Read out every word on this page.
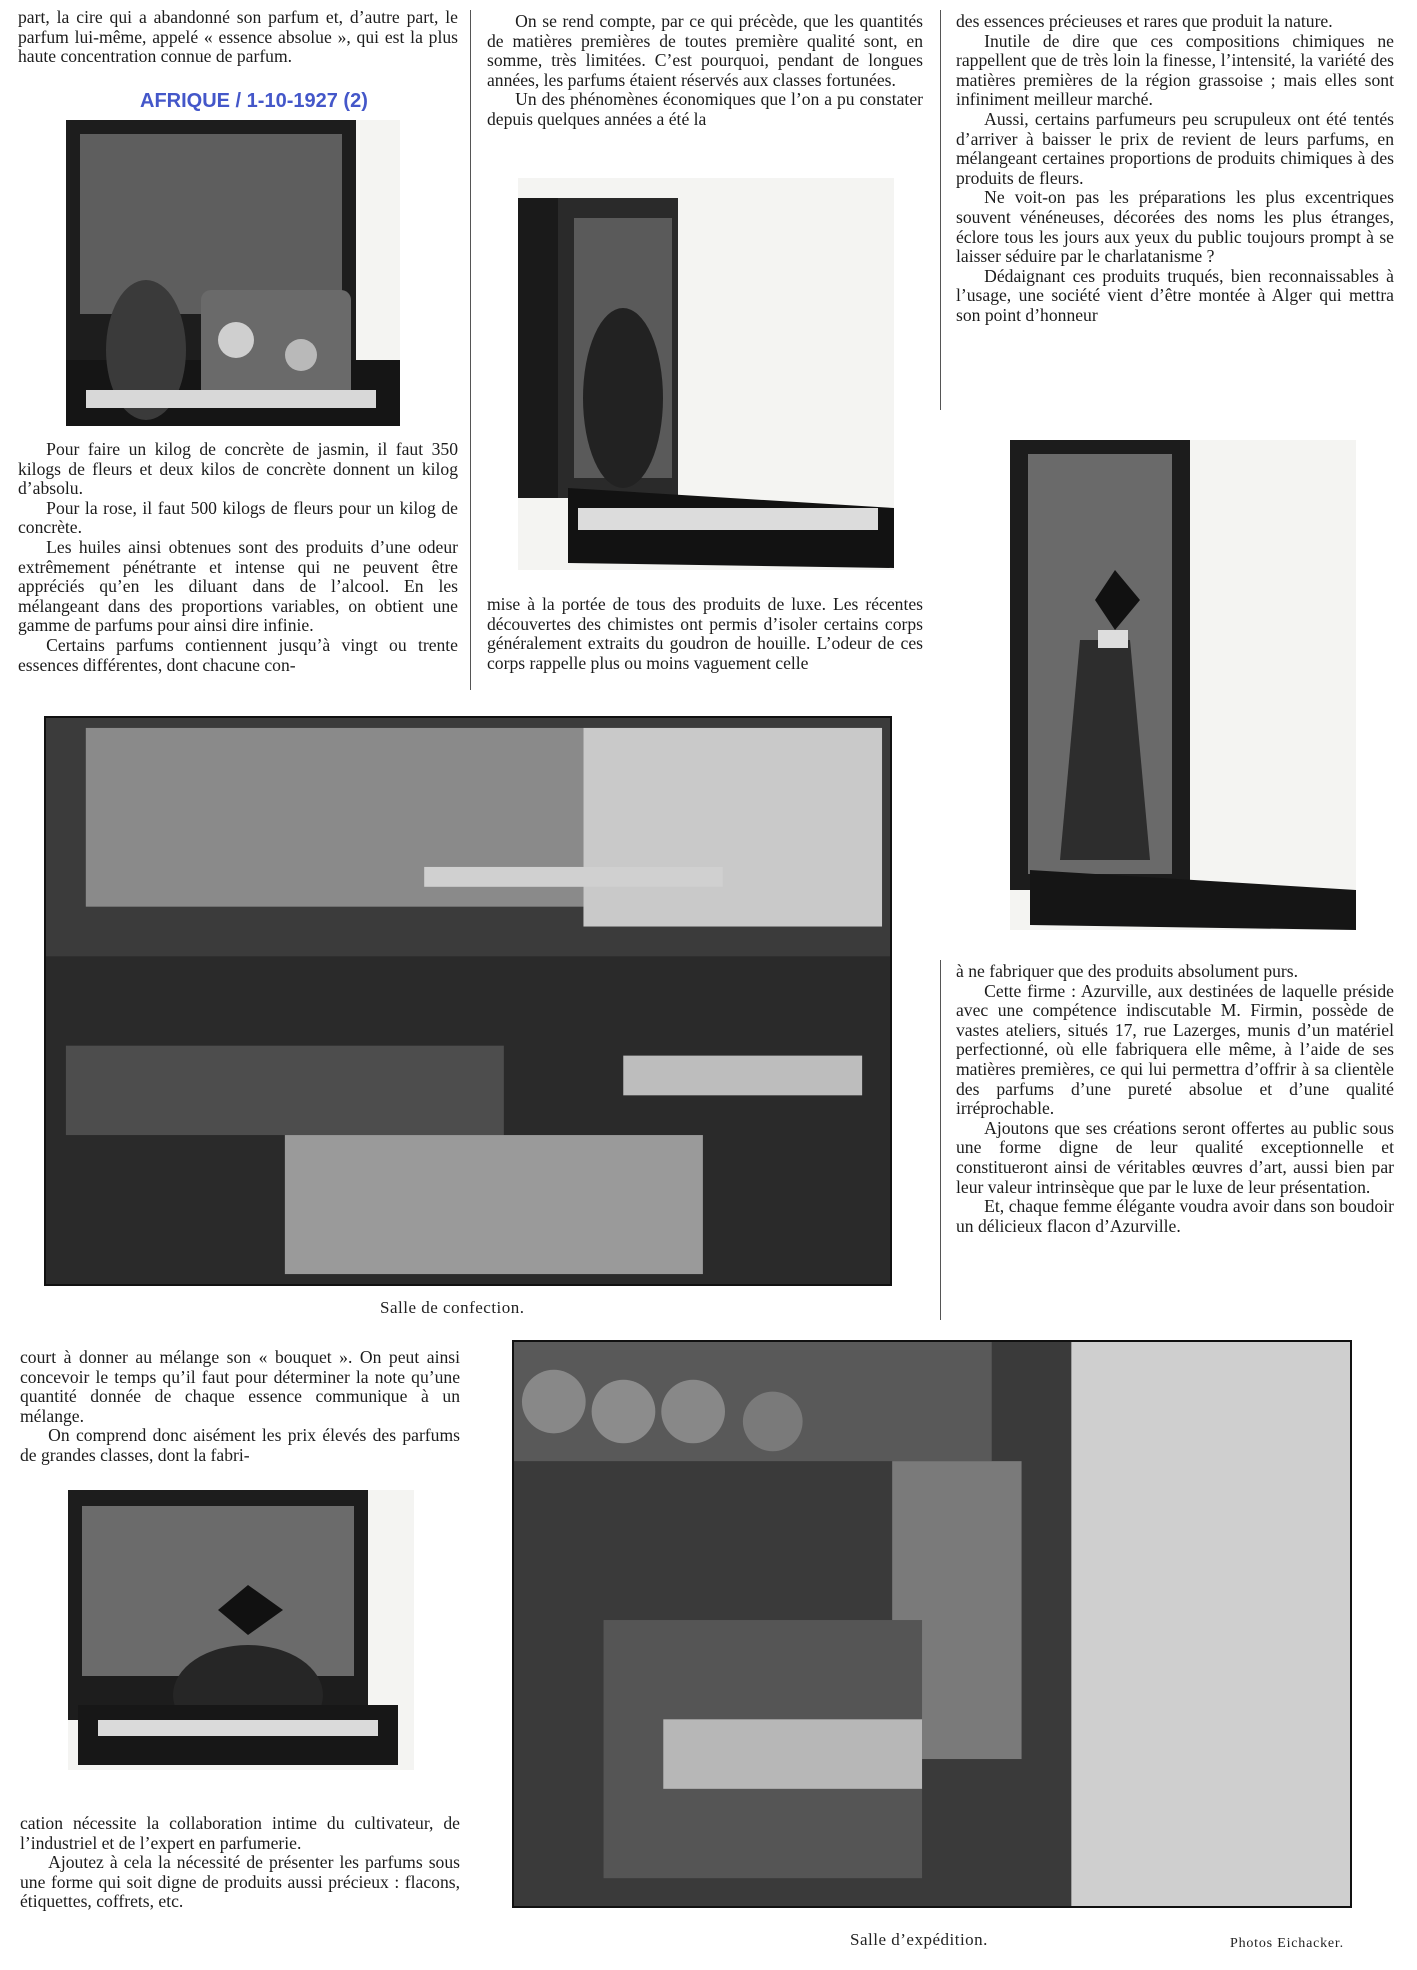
AFRIQUE / 1-10-1927 (2)

part, la cire qui a abandonné son parfum et, d’autre part, le parfum lui-même, appelé « essence absolue », qui est la plus haute concentration connue de parfum.

Pour faire un kilog de concrète de jasmin, il faut 350 kilogs de fleurs et deux kilos de concrète donnent un kilog d’absolu.

Pour la rose, il faut 500 kilogs de fleurs pour un kilog de concrète.

Les huiles ainsi obtenues sont des produits d’une odeur extrêmement pénétrante et intense qui ne peuvent être appréciés qu’en les diluant dans de l’alcool. En les mélangeant dans des proportions variables, on obtient une gamme de parfums pour ainsi dire infinie.

Certains parfums contiennent jusqu’à vingt ou trente essences différentes, dont chacune con-

On se rend compte, par ce qui précède, que les quantités de matières premières de toutes première qualité sont, en somme, très limitées. C’est pourquoi, pendant de longues années, les parfums étaient réservés aux classes fortunées.

Un des phénomènes économiques que l’on a pu constater depuis quelques années a été la

mise à la portée de tous des produits de luxe. Les récentes découvertes des chimistes ont permis d’isoler certains corps généralement extraits du goudron de houille. L’odeur de ces corps rappelle plus ou moins vaguement celle

des essences précieuses et rares que produit la nature.

Inutile de dire que ces compositions chimiques ne rappellent que de très loin la finesse, l’intensité, la variété des matières premières de la région grassoise ; mais elles sont infiniment meilleur marché.

Aussi, certains parfumeurs peu scrupuleux ont été tentés d’arriver à baisser le prix de revient de leurs parfums, en mélangeant certaines proportions de produits chimiques à des produits de fleurs.

Ne voit-on pas les préparations les plus excentriques souvent vénéneuses, décorées des noms les plus étranges, éclore tous les jours aux yeux du public toujours prompt à se laisser séduire par le charlatanisme ?

Dédaignant ces produits truqués, bien reconnaissables à l’usage, une société vient d’être montée à Alger qui mettra son point d’honneur

à ne fabriquer que des produits absolument purs.

Cette firme : Azurville, aux destinées de laquelle préside avec une compétence indiscutable M. Firmin, possède de vastes ateliers, situés 17, rue Lazerges, munis d’un matériel perfectionné, où elle fabriquera elle même, à l’aide de ses matières premières, ce qui lui permettra d’offrir à sa clientèle des parfums d’une pureté absolue et d’une qualité irréprochable.

Ajoutons que ses créations seront offertes au public sous une forme digne de leur qualité exceptionnelle et constitueront ainsi de véritables œuvres d’art, aussi bien par leur valeur intrinsèque que par le luxe de leur présentation.

Et, chaque femme élégante voudra avoir dans son boudoir un délicieux flacon d’Azurville.

Salle de confection.

court à donner au mélange son « bouquet ». On peut ainsi concevoir le temps qu’il faut pour déterminer la note qu’une quantité donnée de chaque essence communique à un mélange.

On comprend donc aisément les prix élevés des parfums de grandes classes, dont la fabri-

cation nécessite la collaboration intime du cultivateur, de l’industriel et de l’expert en parfumerie.

Ajoutez à cela la nécessité de présenter les parfums sous une forme qui soit digne de produits aussi précieux : flacons, étiquettes, coffrets, etc.

Salle d’expédition.	Photos Eichacker.
